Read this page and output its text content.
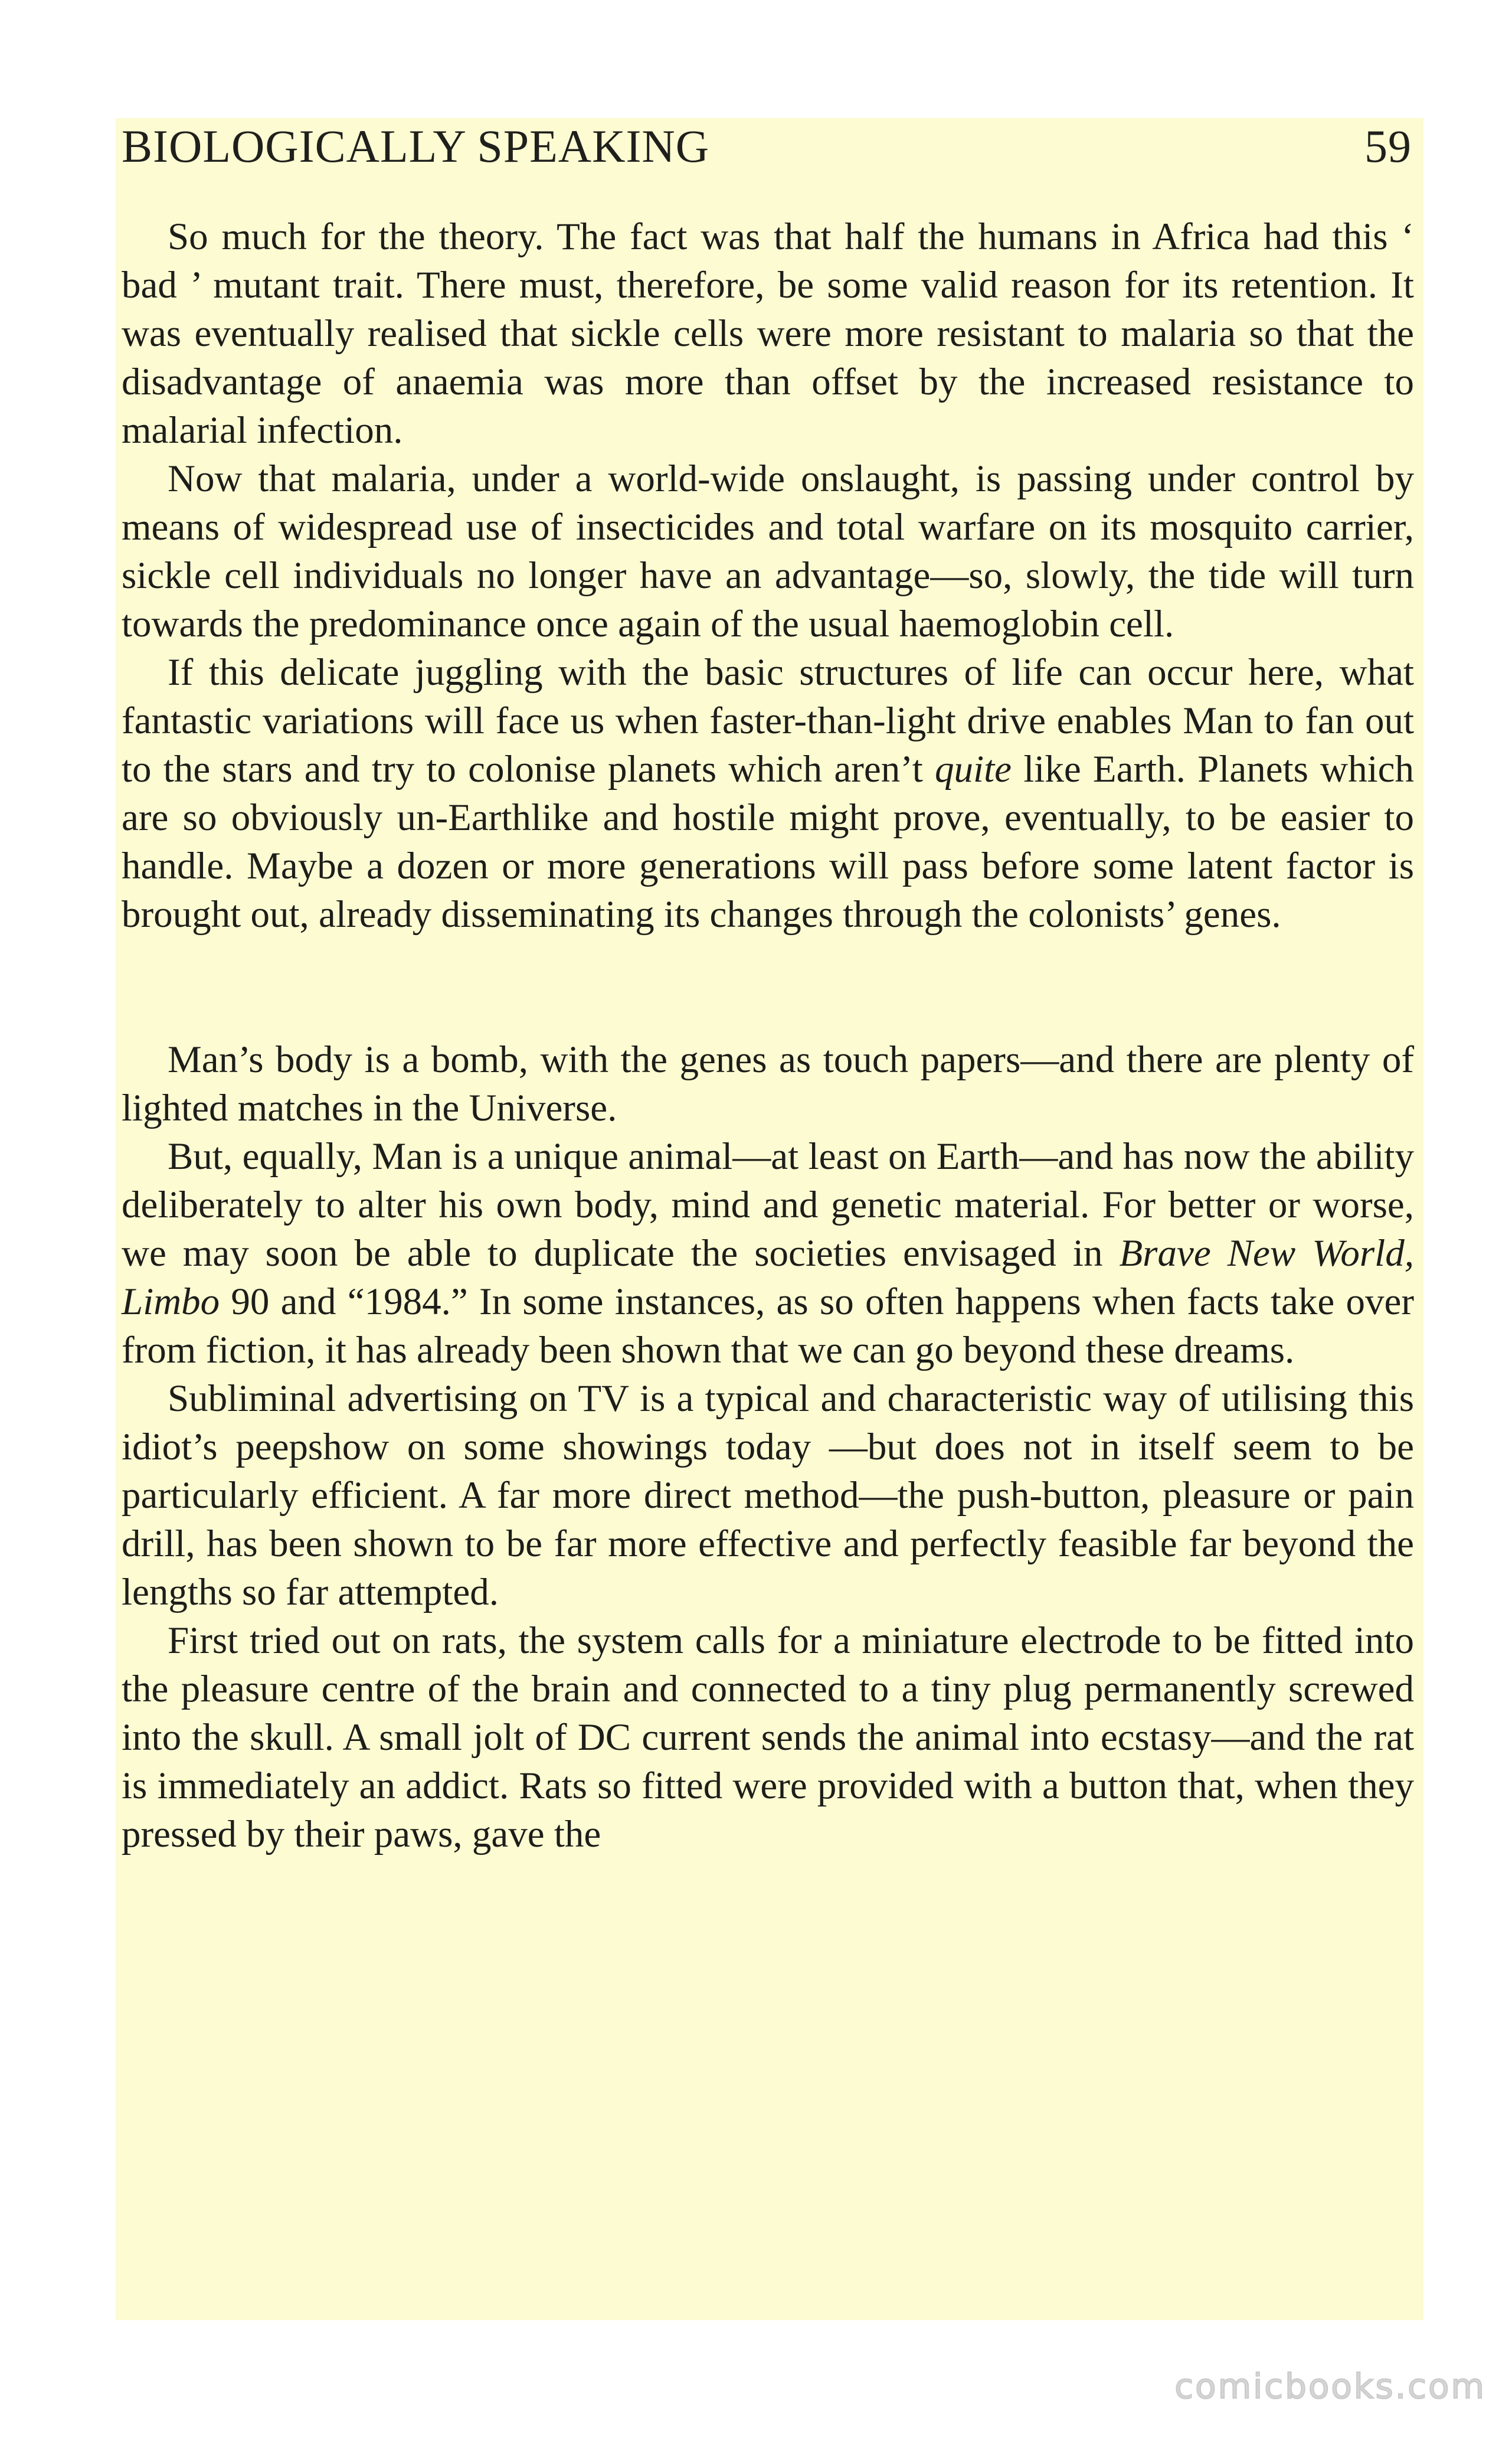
BIOLOGICALLY SPEAKING	59

So much for the theory. The fact was that half the humans in Africa had this ‘ bad ’ mutant trait. There must, therefore, be some valid reason for its retention. It was eventually realised that sickle cells were more resistant to malaria so that the disadvantage of anaemia was more than offset by the increased resistance to malarial infection.

Now that malaria, under a world-wide onslaught, is passing under control by means of widespread use of insecticides and total warfare on its mosquito carrier, sickle cell individuals no longer have an advantage—so, slowly, the tide will turn towards the predominance once again of the usual haemoglobin cell.

If this delicate juggling with the basic structures of life can occur here, what fantastic variations will face us when faster-than-light drive enables Man to fan out to the stars and try to colonise planets which aren’t quite like Earth. Planets which are so obviously un-Earthlike and hostile might prove, eventually, to be easier to handle. Maybe a dozen or more generations will pass before some latent factor is brought out, already disseminating its changes through the colonists’ genes.

Man’s body is a bomb, with the genes as touch papers—and there are plenty of lighted matches in the Universe.

But, equally, Man is a unique animal—at least on Earth—and has now the ability deliberately to alter his own body, mind and genetic material. For better or worse, we may soon be able to duplicate the societies envisaged in Brave New World, Limbo 90 and “1984.” In some instances, as so often happens when facts take over from fiction, it has already been shown that we can go beyond these dreams.

Subliminal advertising on TV is a typical and characteristic way of utilising this idiot’s peepshow on some showings today —but does not in itself seem to be particularly efficient. A far more direct method—the push-button, pleasure or pain drill, has been shown to be far more effective and perfectly feasible far beyond the lengths so far attempted.

First tried out on rats, the system calls for a miniature electrode to be fitted into the pleasure centre of the brain and connected to a tiny plug permanently screwed into the skull. A small jolt of DC current sends the animal into ecstasy—and the rat is immediately an addict. Rats so fitted were provided with a button that, when they pressed by their paws, gave the

comicbooks.com
